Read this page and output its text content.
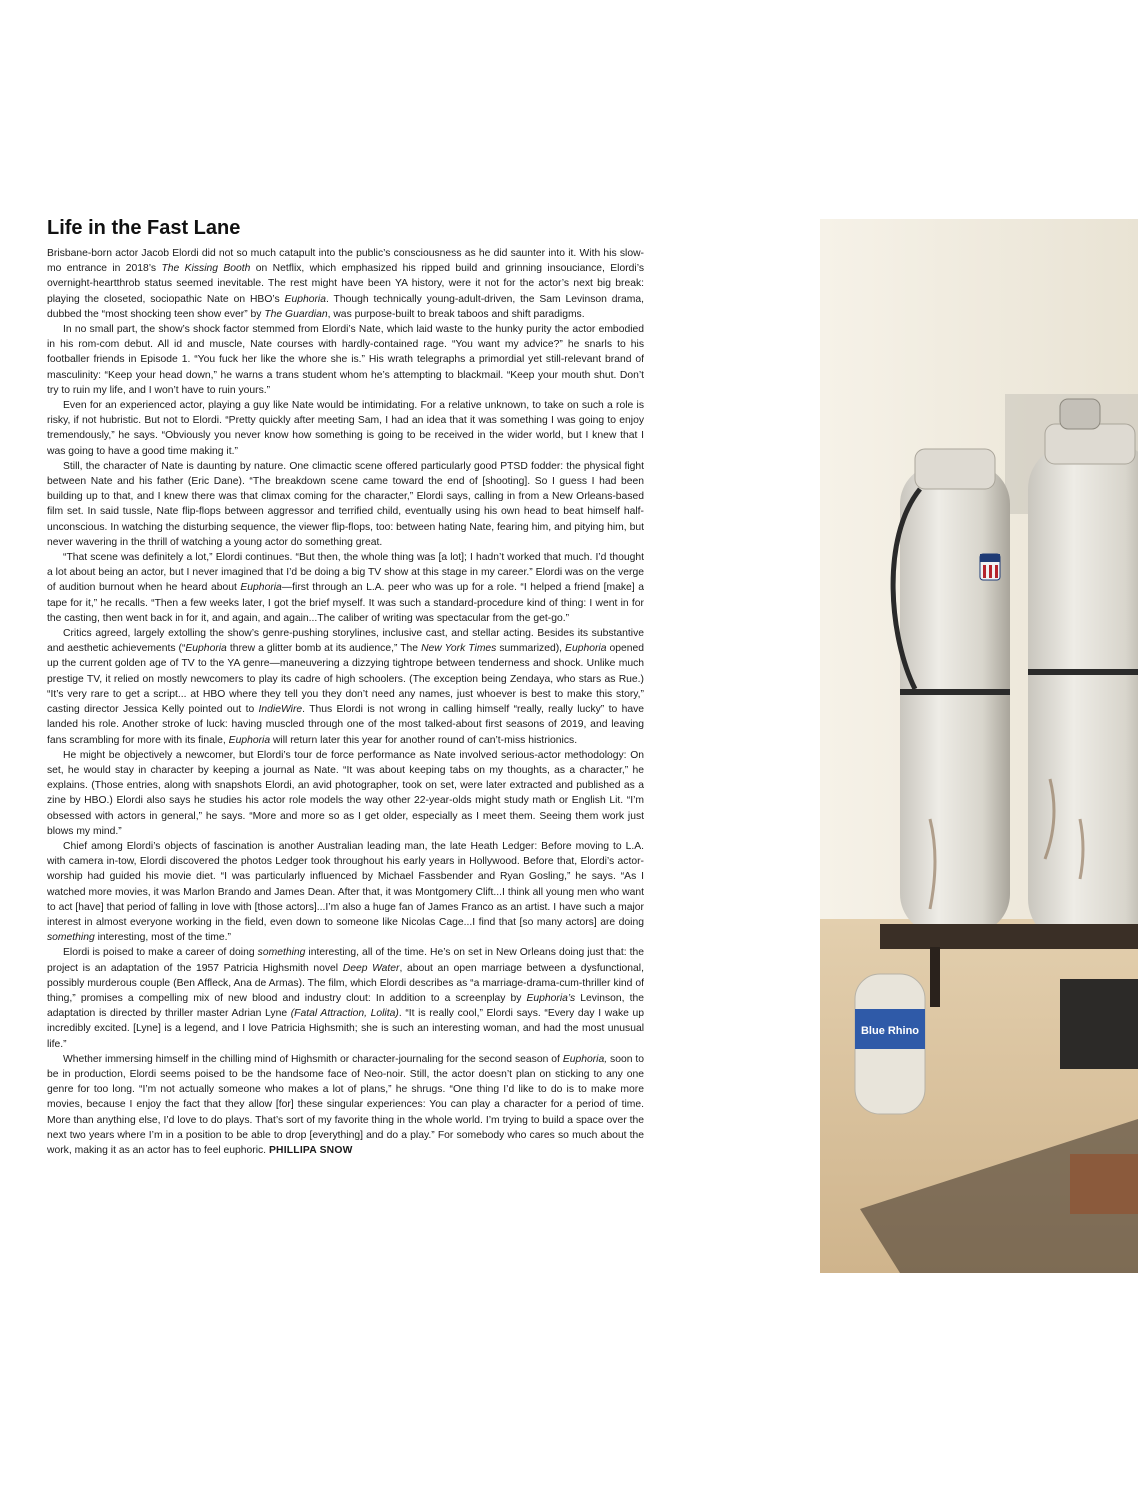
Life in the Fast Lane

Brisbane-born actor Jacob Elordi did not so much catapult into the public’s consciousness as he did saunter into it. With his slow-mo entrance in 2018’s The Kissing Booth on Netflix, which emphasized his ripped build and grinning insouciance, Elordi’s overnight-heartthrob status seemed inevitable. The rest might have been YA history, were it not for the actor’s next big break: playing the closeted, sociopathic Nate on HBO’s Euphoria. Though technically young-adult-driven, the Sam Levinson drama, dubbed the “most shocking teen show ever” by The Guardian, was purpose-built to break taboos and shift paradigms.

In no small part, the show’s shock factor stemmed from Elordi’s Nate, which laid waste to the hunky purity the actor embodied in his rom-com debut. All id and muscle, Nate courses with hardly-contained rage. “You want my advice?” he snarls to his footballer friends in Episode 1. “You fuck her like the whore she is.” His wrath telegraphs a primordial yet still-relevant brand of masculinity: “Keep your head down,” he warns a trans student whom he’s attempting to blackmail. “Keep your mouth shut. Don’t try to ruin my life, and I won’t have to ruin yours.”

Even for an experienced actor, playing a guy like Nate would be intimidating. For a relative unknown, to take on such a role is risky, if not hubristic. But not to Elordi. “Pretty quickly after meeting Sam, I had an idea that it was something I was going to enjoy tremendously,” he says. “Obviously you never know how something is going to be received in the wider world, but I knew that I was going to have a good time making it.”

Still, the character of Nate is daunting by nature. One climactic scene offered particularly good PTSD fodder: the physical fight between Nate and his father (Eric Dane). “The breakdown scene came toward the end of [shooting]. So I guess I had been building up to that, and I knew there was that climax coming for the character,” Elordi says, calling in from a New Orleans-based film set. In said tussle, Nate flip-flops between aggressor and terrified child, eventually using his own head to beat himself half-unconscious. In watching the disturbing sequence, the viewer flip-flops, too: between hating Nate, fearing him, and pitying him, but never wavering in the thrill of watching a young actor do something great.

“That scene was definitely a lot,” Elordi continues. “But then, the whole thing was [a lot]; I hadn’t worked that much. I’d thought a lot about being an actor, but I never imagined that I’d be doing a big TV show at this stage in my career.” Elordi was on the verge of audition burnout when he heard about Euphoria—first through an L.A. peer who was up for a role. “I helped a friend [make] a tape for it,” he recalls. “Then a few weeks later, I got the brief myself. It was such a standard-procedure kind of thing: I went in for the casting, then went back in for it, and again, and again...The caliber of writing was spectacular from the get-go.”

Critics agreed, largely extolling the show’s genre-pushing storylines, inclusive cast, and stellar acting. Besides its substantive and aesthetic achievements (“Euphoria threw a glitter bomb at its audience,” The New York Times summarized), Euphoria opened up the current golden age of TV to the YA genre—maneuvering a dizzying tightrope between tenderness and shock. Unlike much prestige TV, it relied on mostly newcomers to play its cadre of high schoolers. (The exception being Zendaya, who stars as Rue.) “It’s very rare to get a script... at HBO where they tell you they don’t need any names, just whoever is best to make this story,” casting director Jessica Kelly pointed out to IndieWire. Thus Elordi is not wrong in calling himself “really, really lucky” to have landed his role. Another stroke of luck: having muscled through one of the most talked-about first seasons of 2019, and leaving fans scrambling for more with its finale, Euphoria will return later this year for another round of can’t-miss histrionics.

He might be objectively a newcomer, but Elordi’s tour de force performance as Nate involved serious-actor methodology: On set, he would stay in character by keeping a journal as Nate. “It was about keeping tabs on my thoughts, as a character,” he explains. (Those entries, along with snapshots Elordi, an avid photographer, took on set, were later extracted and published as a zine by HBO.) Elordi also says he studies his actor role models the way other 22-year-olds might study math or English Lit. “I’m obsessed with actors in general,” he says. “More and more so as I get older, especially as I meet them. Seeing them work just blows my mind.”

Chief among Elordi’s objects of fascination is another Australian leading man, the late Heath Ledger: Before moving to L.A. with camera in-tow, Elordi discovered the photos Ledger took throughout his early years in Hollywood. Before that, Elordi’s actor-worship had guided his movie diet. “I was particularly influenced by Michael Fassbender and Ryan Gosling,” he says. “As I watched more movies, it was Marlon Brando and James Dean. After that, it was Montgomery Clift...I think all young men who want to act [have] that period of falling in love with [those actors]...I’m also a huge fan of James Franco as an artist. I have such a major interest in almost everyone working in the field, even down to someone like Nicolas Cage...I find that [so many actors] are doing something interesting, most of the time.”

Elordi is poised to make a career of doing something interesting, all of the time. He’s on set in New Orleans doing just that: the project is an adaptation of the 1957 Patricia Highsmith novel Deep Water, about an open marriage between a dysfunctional, possibly murderous couple (Ben Affleck, Ana de Armas). The film, which Elordi describes as “a marriage-drama-cum-thriller kind of thing,” promises a compelling mix of new blood and industry clout: In addition to a screenplay by Euphoria’s Levinson, the adaptation is directed by thriller master Adrian Lyne (Fatal Attraction, Lolita). “It is really cool,” Elordi says. “Every day I wake up incredibly excited. [Lyne] is a legend, and I love Patricia Highsmith; she is such an interesting woman, and had the most unusual life.”

Whether immersing himself in the chilling mind of Highsmith or character-journaling for the second season of Euphoria, soon to be in production, Elordi seems poised to be the handsome face of Neo-noir. Still, the actor doesn’t plan on sticking to any one genre for too long. “I’m not actually someone who makes a lot of plans,” he shrugs. “One thing I’d like to do is to make more movies, because I enjoy the fact that they allow [for] these singular experiences: You can play a character for a period of time. More than anything else, I’d love to do plays. That’s sort of my favorite thing in the whole world. I’m trying to build a space over the next two years where I’m in a position to be able to drop [everything] and do a play.” For somebody who cares so much about the work, making it as an actor has to feel euphoric. PHILLIPA SNOW

Blue Rhino
